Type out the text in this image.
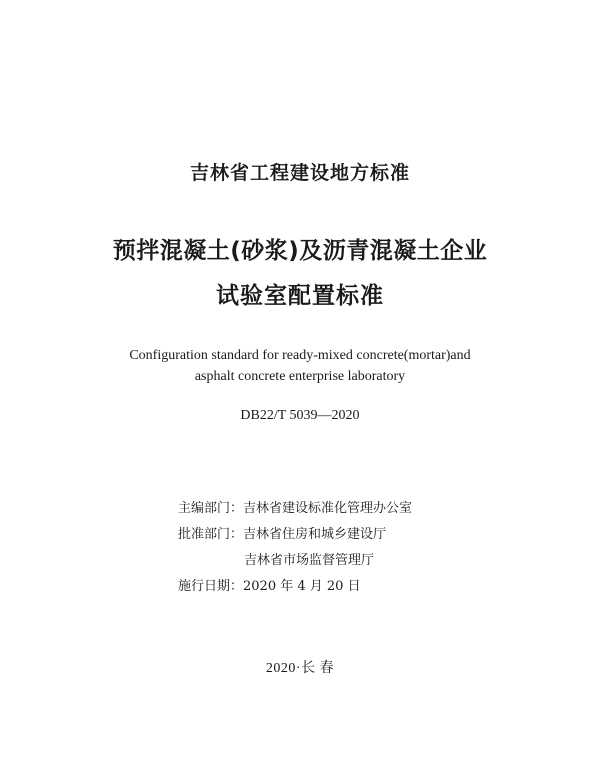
吉林省工程建设地方标准
预拌混凝土(砂浆)及沥青混凝土企业
试验室配置标准
Configuration standard for ready-mixed concrete(mortar)and
asphalt concrete enterprise laboratory
DB22/T 5039—2020
主编部门：吉林省建设标准化管理办公室
批准部门：吉林省住房和城乡建设厅
吉林省市场监督管理厅
施行日期：2020 年 4 月 20 日
2020·长 春
